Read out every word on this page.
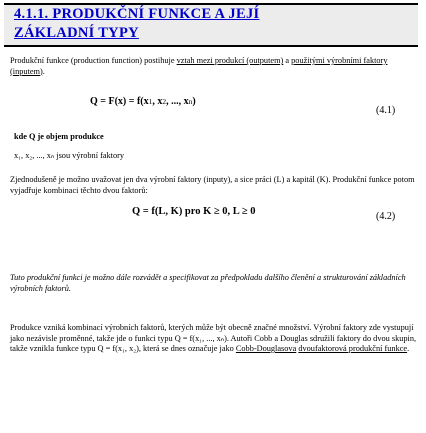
4.1.1. PRODUKČNÍ FUNKCE A JEJÍ
ZÁKLADNÍ TYPY
Produkční funkce (production function) postihuje vztah mezi produkcí (outputem) a použitými výrobními faktory (inputem).
Q = F(x) = f(x1, x2, ..., xn)
(4.1)
kde Q je objem produkce
x₁, x₂, ..., xₙ jsou výrobní faktory
Zjednodušeně je možno uvažovat jen dva výrobní faktory (inputy), a sice práci (L) a kapitál (K). Produkční funkce potom vyjadřuje kombinaci těchto dvou faktorů:
Q = f(L, K) pro K ≥ 0, L ≥ 0	(4.2)
Tuto produkční funkci je možno dále rozvádět a specifikovat za předpokladu dalšího členění a strukturování základních výrobních faktorů.
Produkce vzniká kombinací výrobních faktorů, kterých může být obecně značné množství. Výrobní faktory zde vystupují jako nezávisle proměnné, takže jde o funkci typu Q = f(x₁, ..., xₙ). Autoři Cobb a Douglas sdružili faktory do dvou skupin, takže vznikla funkce typu Q = f(x₁, x₂), která se dnes označuje jako Cobb-Douglasova dvoufaktorová produkční funkce.
